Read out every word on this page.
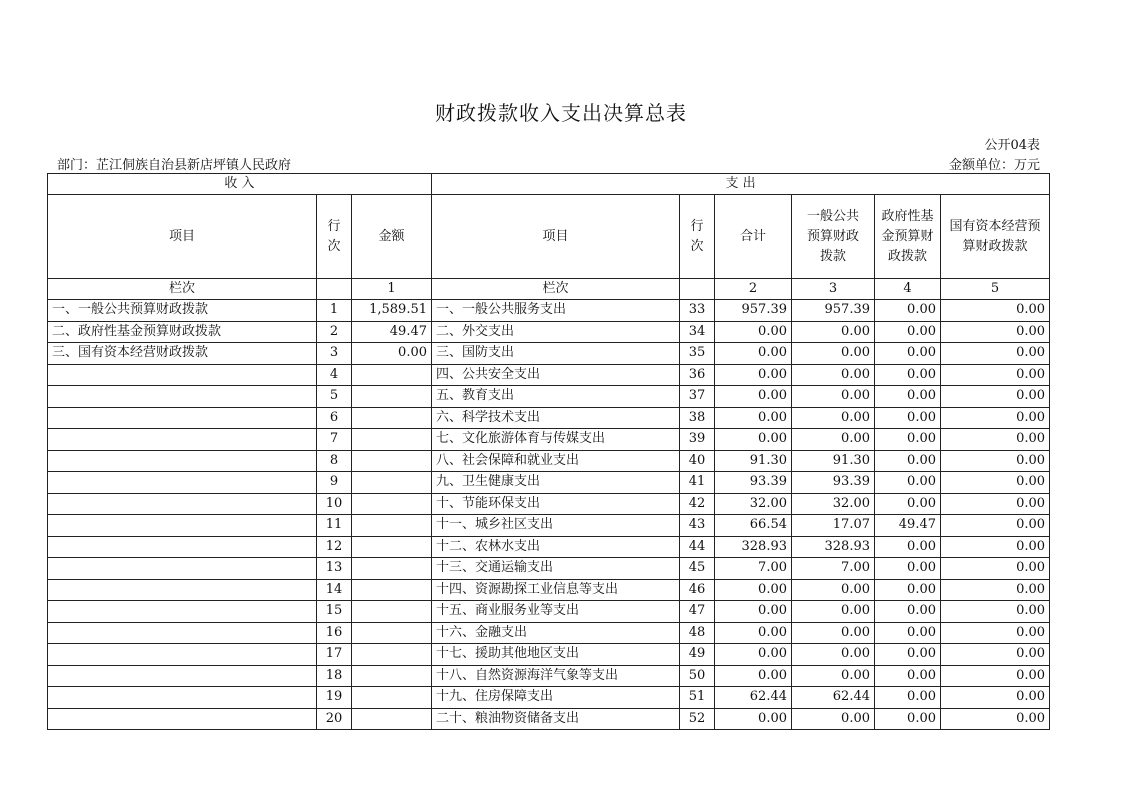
财政拨款收入支出决算总表
公开04表
部门：芷江侗族自治县新店坪镇人民政府	金额单位：万元
收 入			支 出					
项目	行次	金额	项目	行次	合计	一般公共预算财政拨款	政府性基金预算财政拨款	国有资本经营预算财政拨款
栏次		1	栏次		2	3	4	5
一、一般公共预算财政拨款	1	1,589.51	一、一般公共服务支出	33	957.39	957.39	0.00	0.00
二、政府性基金预算财政拨款	2	49.47	二、外交支出	34	0.00	0.00	0.00	0.00
三、国有资本经营财政拨款	3	0.00	三、国防支出	35	0.00	0.00	0.00	0.00
	4		四、公共安全支出	36	0.00	0.00	0.00	0.00
	5		五、教育支出	37	0.00	0.00	0.00	0.00
	6		六、科学技术支出	38	0.00	0.00	0.00	0.00
	7		七、文化旅游体育与传媒支出	39	0.00	0.00	0.00	0.00
	8		八、社会保障和就业支出	40	91.30	91.30	0.00	0.00
	9		九、卫生健康支出	41	93.39	93.39	0.00	0.00
	10		十、节能环保支出	42	32.00	32.00	0.00	0.00
	11		十一、城乡社区支出	43	66.54	17.07	49.47	0.00
	12		十二、农林水支出	44	328.93	328.93	0.00	0.00
	13		十三、交通运输支出	45	7.00	7.00	0.00	0.00
	14		十四、资源勘探工业信息等支出	46	0.00	0.00	0.00	0.00
	15		十五、商业服务业等支出	47	0.00	0.00	0.00	0.00
	16		十六、金融支出	48	0.00	0.00	0.00	0.00
	17		十七、援助其他地区支出	49	0.00	0.00	0.00	0.00
	18		十八、自然资源海洋气象等支出	50	0.00	0.00	0.00	0.00
	19		十九、住房保障支出	51	62.44	62.44	0.00	0.00
	20		二十、粮油物资储备支出	52	0.00	0.00	0.00	0.00
